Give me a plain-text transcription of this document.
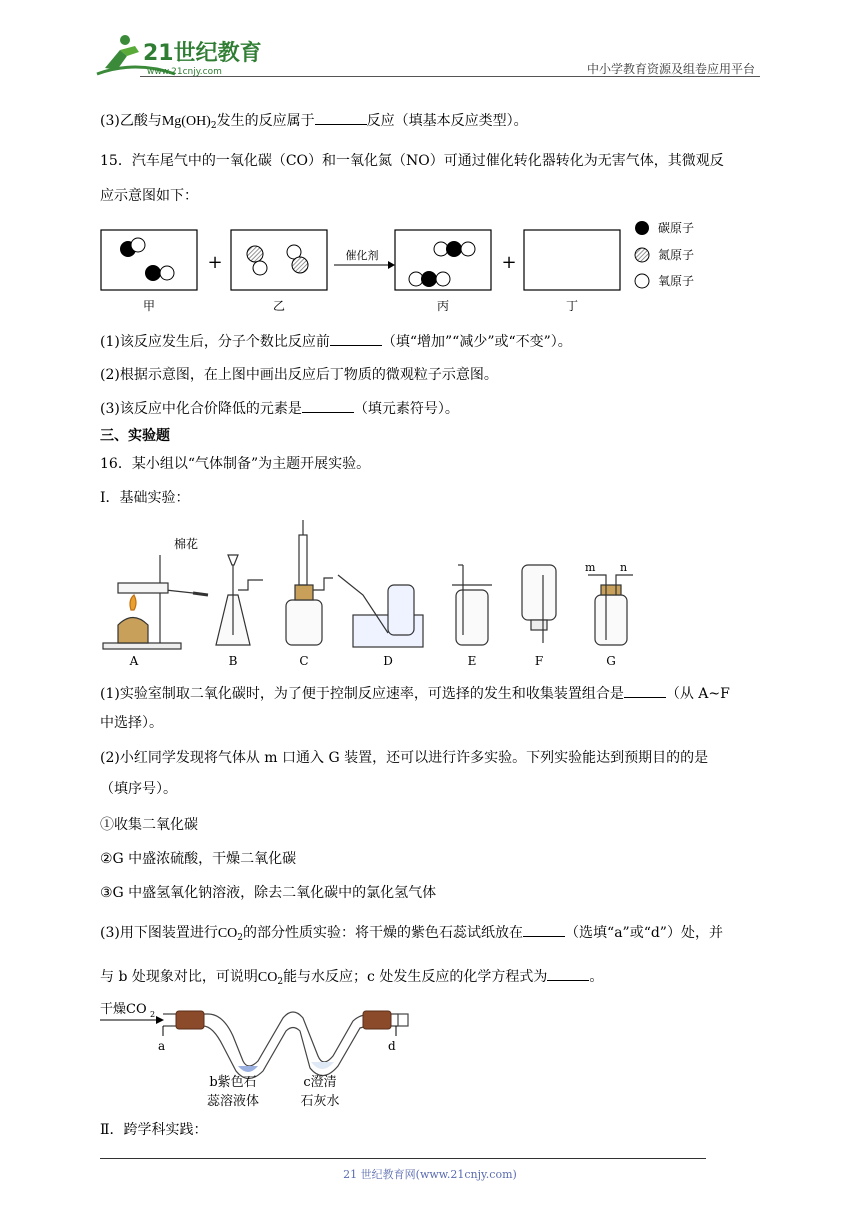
21世纪教育
www.21cnjy.com	中小学教育资源及组卷应用平台
(3)乙酸与$Mg(OH)_2$发生的反应属于	反应（填基本反应类型）。
15．汽车尾气中的一氧化碳（CO）和一氧化氮（NO）可通过催化转化器转化为无害气体，其微观反
应示意图如下：
甲
+
乙
催化剂
丙
+
丁
碳原子
氮原子
氧原子
(1)该反应发生后，分子个数比反应前	（填“增加”“减少”或“不变”）。
(2)根据示意图，在上图中画出反应后丁物质的微观粒子示意图。
(3)该反应中化合价降低的元素是	（填元素符号）。
三、实验题
16．某小组以“气体制备”为主题开展实验。
Ⅰ．基础实验：
棉花
m n
A	B	C	D	E	F	G
(1)实验室制取二氧化碳时，为了便于控制反应速率，可选择的发生和收集装置组合是	（从 A~F
中选择）。
(2)小红同学发现将气体从 m 口通入 G 装置，还可以进行许多实验。下列实验能达到预期目的的是
（填序号）。
①收集二氧化碳
②G 中盛浓硫酸，干燥二氧化碳
③G 中盛氢氧化钠溶液，除去二氧化碳中的氯化氢气体
(3)用下图装置进行$CO_2$的部分性质实验：将干燥的紫色石蕊试纸放在	（选填“a”或“d”）处，并
与 b 处现象对比，可说明$CO_2$能与水反应；c 处发生反应的化学方程式为	。
干燥CO 2
a	d
b紫色石
蕊溶液体
c澄清
石灰水
Ⅱ．跨学科实践：
21 世纪教育网(www.21cnjy.com)
